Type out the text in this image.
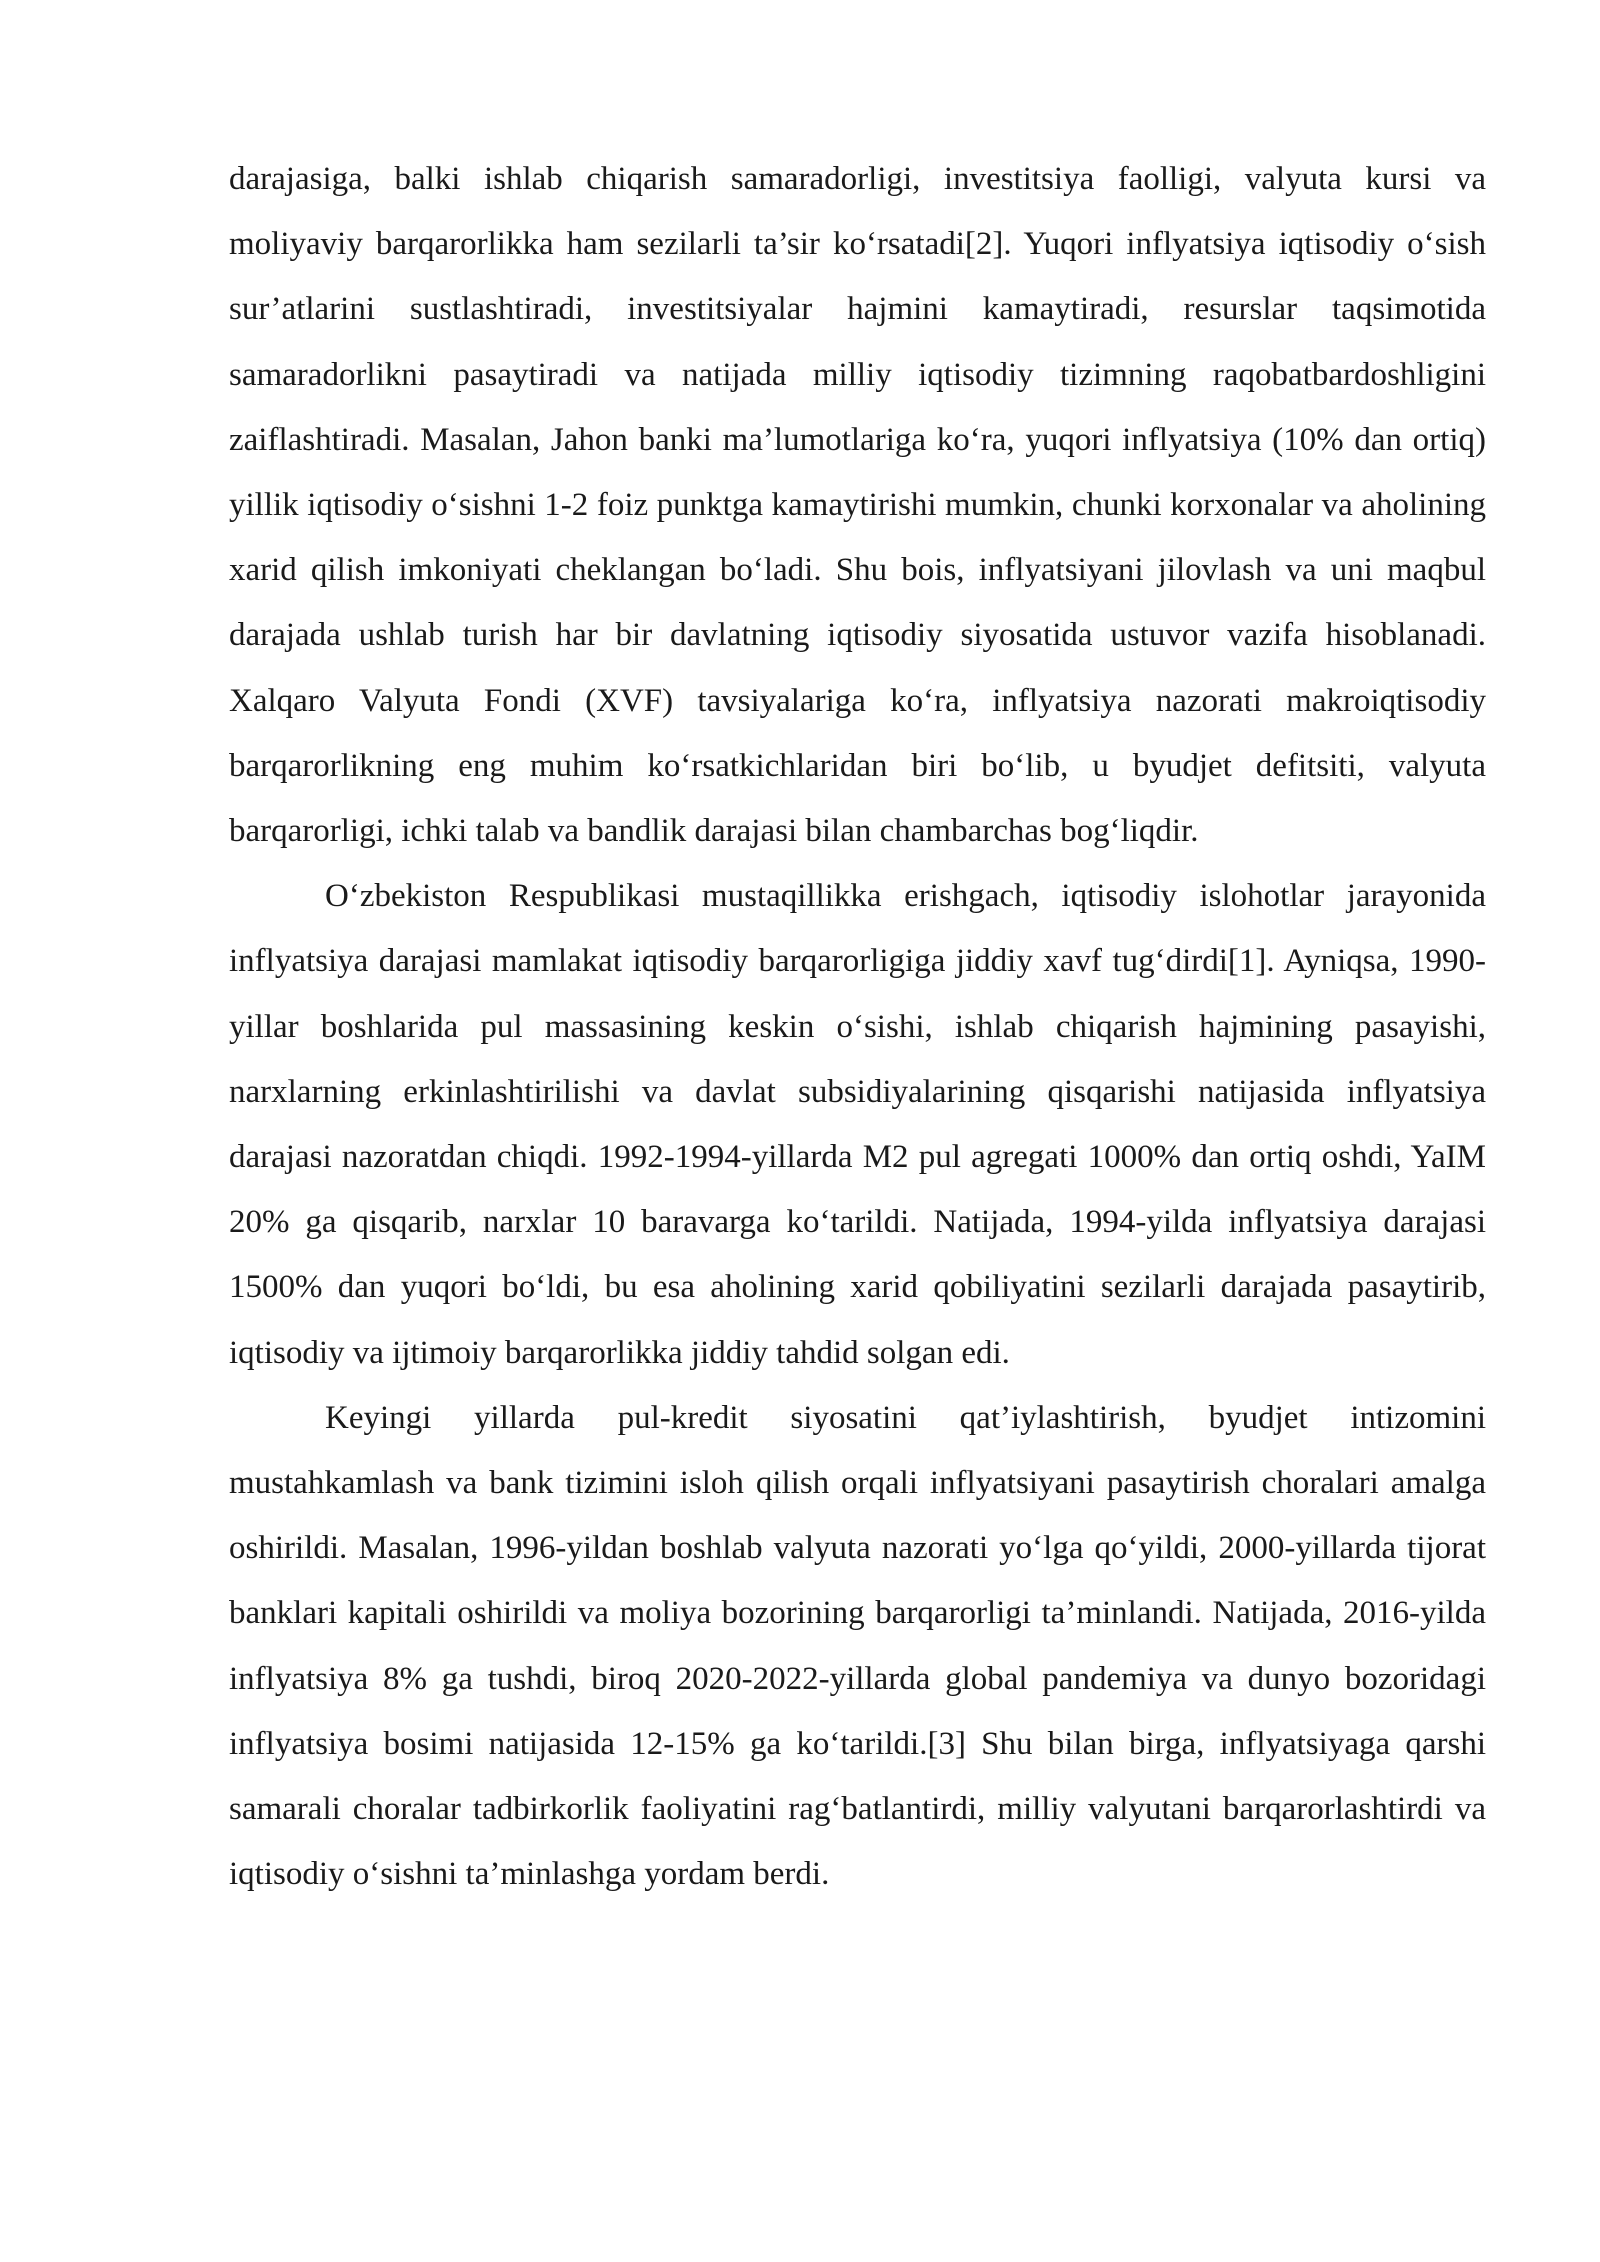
darajasiga, balki ishlab chiqarish samaradorligi, investitsiya faolligi, valyuta kursi va moliyaviy barqarorlikka ham sezilarli ta’sir ko‘rsatadi[2]. Yuqori inflyatsiya iqtisodiy o‘sish sur’atlarini sustlashtiradi, investitsiyalar hajmini kamaytiradi, resurslar taqsimotida samaradorlikni pasaytiradi va natijada milliy iqtisodiy tizimning raqobatbardoshligini zaiflashtiradi. Masalan, Jahon banki ma’lumotlariga ko‘ra, yuqori inflyatsiya (10% dan ortiq) yillik iqtisodiy o‘sishni 1-2 foiz punktga kamaytirishi mumkin, chunki korxonalar va aholining xarid qilish imkoniyati cheklangan bo‘ladi. Shu bois, inflyatsiyani jilovlash va uni maqbul darajada ushlab turish har bir davlatning iqtisodiy siyosatida ustuvor vazifa hisoblanadi. Xalqaro Valyuta Fondi (XVF) tavsiyalariga ko‘ra, inflyatsiya nazorati makroiqtisodiy barqarorlikning eng muhim ko‘rsatkichlaridan biri bo‘lib, u byudjet defitsiti, valyuta barqarorligi, ichki talab va bandlik darajasi bilan chambarchas bog‘liqdir.

O‘zbekiston Respublikasi mustaqillikka erishgach, iqtisodiy islohotlar jarayonida inflyatsiya darajasi mamlakat iqtisodiy barqarorligiga jiddiy xavf tug‘dirdi[1]. Ayniqsa, 1990-yillar boshlarida pul massasining keskin o‘sishi, ishlab chiqarish hajmining pasayishi, narxlarning erkinlashtirilishi va davlat subsidiyalarining qisqarishi natijasida inflyatsiya darajasi nazoratdan chiqdi. 1992-1994-yillarda M2 pul agregati 1000% dan ortiq oshdi, YaIM 20% ga qisqarib, narxlar 10 baravarga ko‘tarildi. Natijada, 1994-yilda inflyatsiya darajasi 1500% dan yuqori bo‘ldi, bu esa aholining xarid qobiliyatini sezilarli darajada pasaytirib, iqtisodiy va ijtimoiy barqarorlikka jiddiy tahdid solgan edi.

Keyingi yillarda pul-kredit siyosatini qat’iylashtirish, byudjet intizomini mustahkamlash va bank tizimini isloh qilish orqali inflyatsiyani pasaytirish choralari amalga oshirildi. Masalan, 1996-yildan boshlab valyuta nazorati yo‘lga qo‘yildi, 2000-yillarda tijorat banklari kapitali oshirildi va moliya bozorining barqarorligi ta’minlandi. Natijada, 2016-yilda inflyatsiya 8% ga tushdi, biroq 2020-2022-yillarda global pandemiya va dunyo bozoridagi inflyatsiya bosimi natijasida 12-15% ga ko‘tarildi.[3] Shu bilan birga, inflyatsiyaga qarshi samarali choralar tadbirkorlik faoliyatini rag‘batlantirdi, milliy valyutani barqarorlashtirdi va iqtisodiy o‘sishni ta’minlashga yordam berdi.
